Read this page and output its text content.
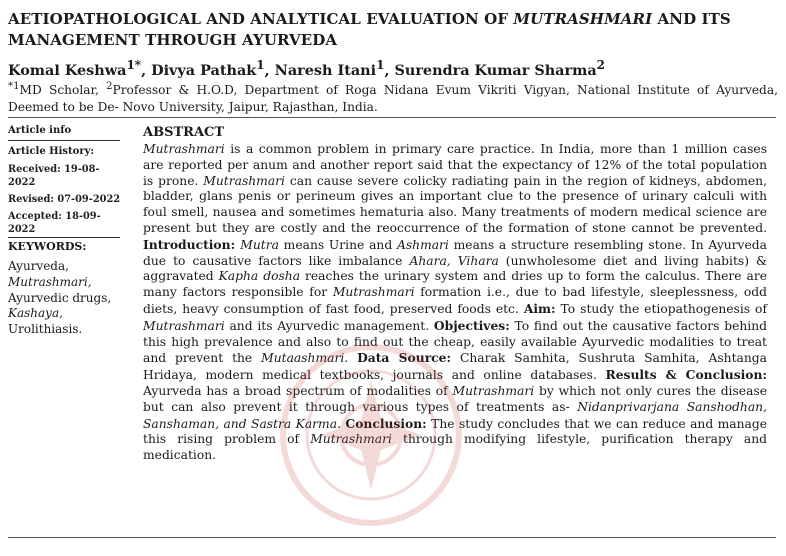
AETIOPATHOLOGICAL AND ANALYTICAL EVALUATION OF MUTRASHMARI AND ITS MANAGEMENT THROUGH AYURVEDA
Komal Keshwa$^{1*}$, Divya Pathak$^1$, Naresh Itani$^1$, Surendra Kumar Sharma$^2$
$^{*1}$MD Scholar, $^2$Professor & H.O.D, Department of Roga Nidana Evum Vikriti Vigyan, National Institute of Ayurveda, Deemed to be De- Novo University, Jaipur, Rajasthan, India.
Article info
Article History:
Received: 19-08-2022
Revised: 07-09-2022
Accepted: 18-09-2022
KEYWORDS:
Ayurveda,
Mutrashmari,
Ayurvedic drugs,
Kashaya,
Urolithiasis.
ABSTRACT
Mutrashmari is a common problem in primary care practice. In India, more than 1 million cases are reported per anum and another report said that the expectancy of 12% of the total population is prone. Mutrashmari can cause severe colicky radiating pain in the region of kidneys, abdomen, bladder, glans penis or perineum gives an important clue to the presence of urinary calculi with foul smell, nausea and sometimes hematuria also. Many treatments of modern medical science are present but they are costly and the reoccurrence of the formation of stone cannot be prevented. Introduction: Mutra means Urine and Ashmari means a structure resembling stone. In Ayurveda due to causative factors like imbalance Ahara, Vihara (unwholesome diet and living habits) & aggravated Kapha dosha reaches the urinary system and dries up to form the calculus. There are many factors responsible for Mutrashmari formation i.e., due to bad lifestyle, sleeplessness, odd diets, heavy consumption of fast food, preserved foods etc. Aim: To study the etiopathogenesis of Mutrashmari and its Ayurvedic management. Objectives: To find out the causative factors behind this high prevalence and also to find out the cheap, easily available Ayurvedic modalities to treat and prevent the Mutaashmari. Data Source: Charak Samhita, Sushruta Samhita, Ashtanga Hridaya, modern medical textbooks, journals and online databases. Results & Conclusion: Ayurveda has a broad spectrum of modalities of Mutrashmari by which not only cures the disease but can also prevent it through various types of treatments as- Nidanprivarjana Sanshodhan, Sanshaman, and Sastra Karma. Conclusion: The study concludes that we can reduce and manage this rising problem of Mutrashmari through modifying lifestyle, purification therapy and medication.
